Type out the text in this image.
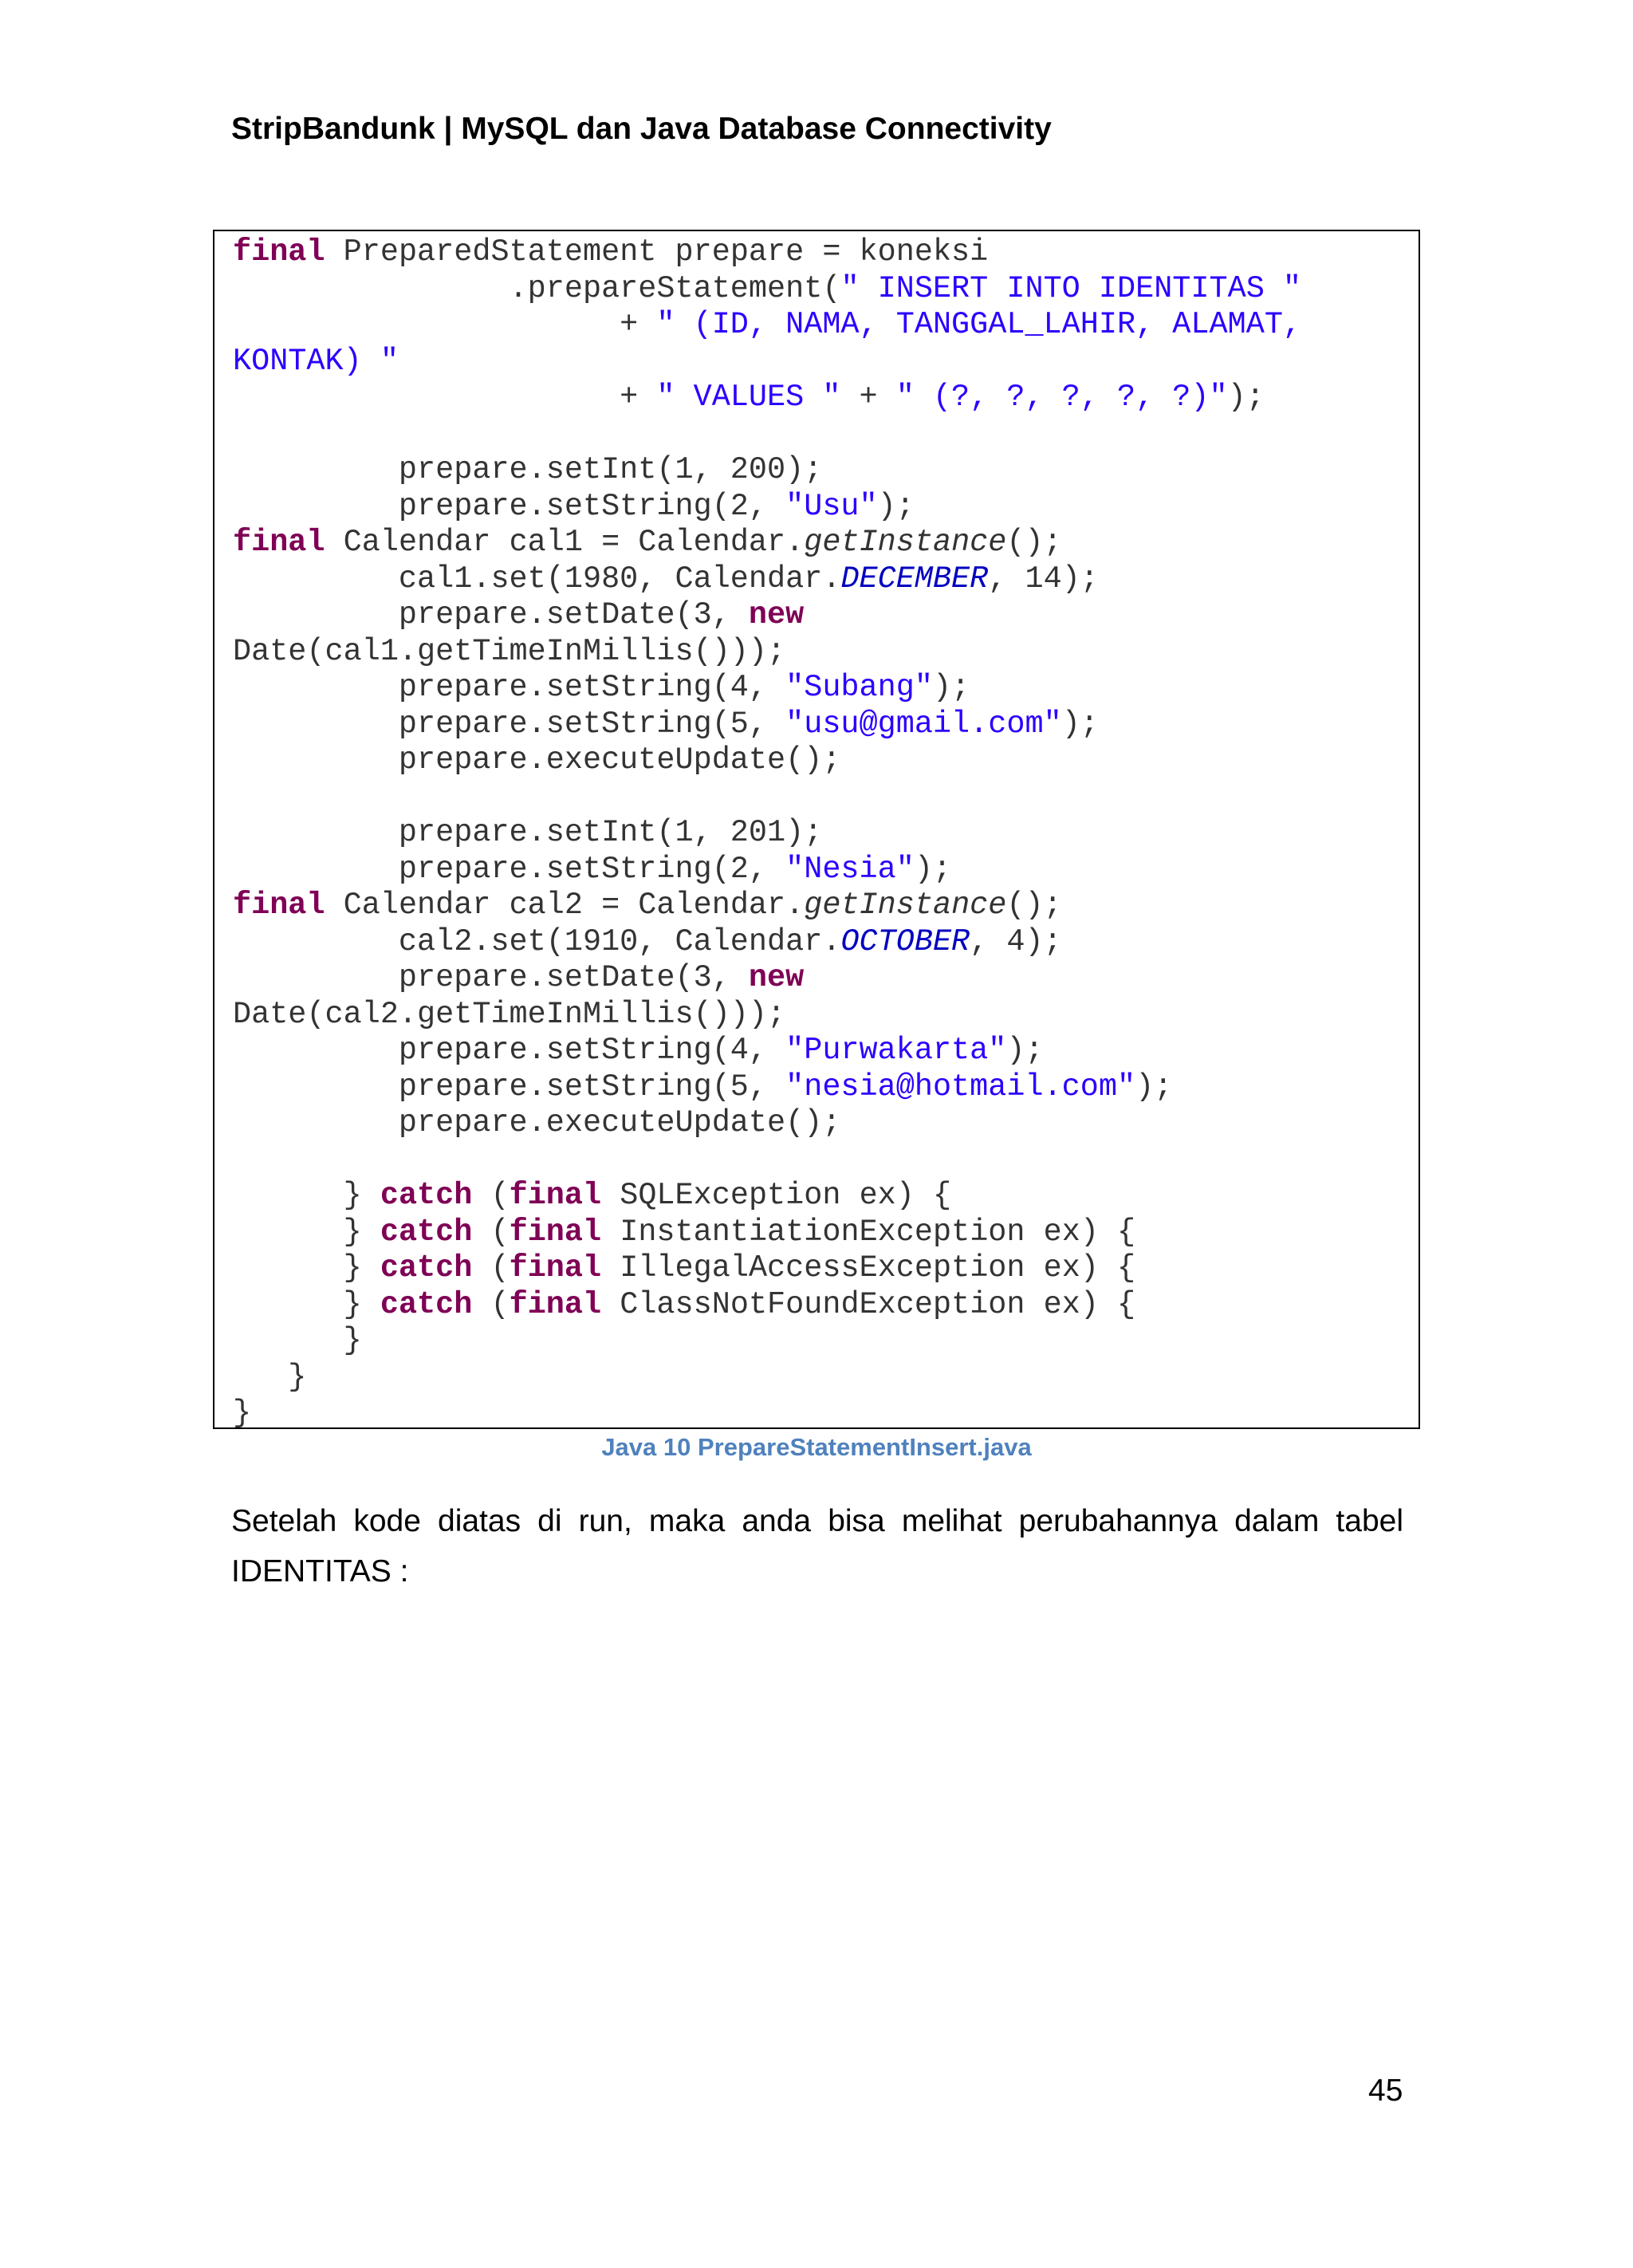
StripBandunk | MySQL dan Java Database Connectivity
final PreparedStatement prepare = koneksi
.prepareStatement(" INSERT INTO IDENTITAS "
+ " (ID, NAMA, TANGGAL_LAHIR, ALAMAT,
KONTAK) "
+ " VALUES " + " (?, ?, ?, ?, ?)");

prepare.setInt(1, 200);
prepare.setString(2, "Usu");
final Calendar cal1 = Calendar.getInstance();
cal1.set(1980, Calendar.DECEMBER, 14);
prepare.setDate(3, new
Date(cal1.getTimeInMillis()));
prepare.setString(4, "Subang");
prepare.setString(5, "usu@gmail.com");
prepare.executeUpdate();

prepare.setInt(1, 201);
prepare.setString(2, "Nesia");
final Calendar cal2 = Calendar.getInstance();
cal2.set(1910, Calendar.OCTOBER, 4);
prepare.setDate(3, new
Date(cal2.getTimeInMillis()));
prepare.setString(4, "Purwakarta");
prepare.setString(5, "nesia@hotmail.com");
prepare.executeUpdate();

} catch (final SQLException ex) {
} catch (final InstantiationException ex) {
} catch (final IllegalAccessException ex) {
} catch (final ClassNotFoundException ex) {
}
}
}
Java 10 PrepareStatementInsert.java

Setelah kode diatas di run, maka anda bisa melihat perubahannya dalam tabel IDENTITAS :

45
